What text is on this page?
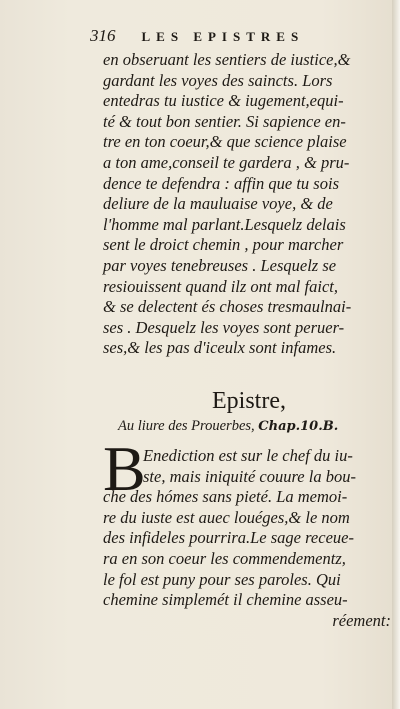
316 LES EPISTRES
en obseruant les sentiers de iustice,&
gardant les voyes des saincts. Lors
entedras tu iustice & iugement,equi-
té & tout bon sentier. Si sapience en-
tre en ton coeur,& que science plaise
a ton ame,conseil te gardera , & pru-
dence te defendra : affin que tu sois
deliure de la mauluaise voye, & de
l'homme mal parlant.Lesquelz delais
sent le droict chemin , pour marcher
par voyes tenebreuses . Lesquelz se
resiouissent quand ilz ont mal faict,
& se delectent és choses tresmaulnai-
ses . Desquelz les voyes sont peruer-
ses,& les pas d'iceulx sont infames.
Epistre,
Au liure des Prouerbes, Chap.10.B.
B
Enediction est sur le chef du iu-
ste, mais iniquité couure la bou-
che des hómes sans pieté. La memoi-
re du iuste est auec louéges,& le nom
des infideles pourrira.Le sage receue-
ra en son coeur les commendementz,
le fol est puny pour ses paroles. Qui
chemine simplemét il chemine asseu-
réement:
